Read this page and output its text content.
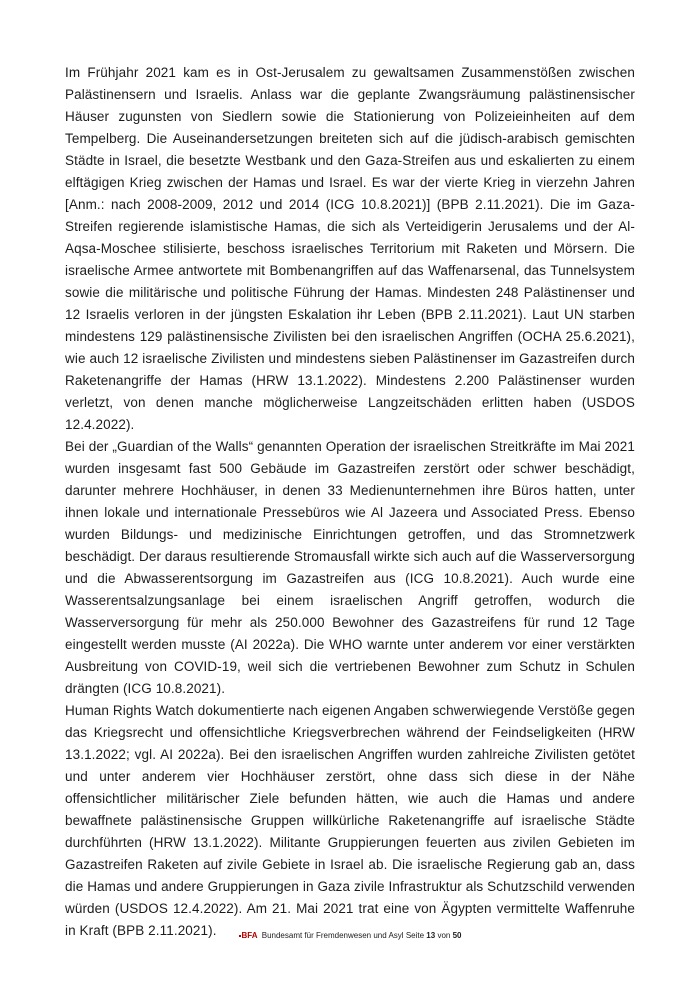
Im Frühjahr 2021 kam es in Ost-Jerusalem zu gewaltsamen Zusammenstößen zwischen Palästinensern und Israelis. Anlass war die geplante Zwangsräumung palästinensischer Häuser zugunsten von Siedlern sowie die Stationierung von Polizeieinheiten auf dem Tempelberg. Die Auseinandersetzungen breiteten sich auf die jüdisch-arabisch gemischten Städte in Israel, die besetzte Westbank und den Gaza-Streifen aus und eskalierten zu einem elftägigen Krieg zwischen der Hamas und Israel. Es war der vierte Krieg in vierzehn Jahren [Anm.: nach 2008-2009, 2012 und 2014 (ICG 10.8.2021)] (BPB 2.11.2021). Die im Gaza-Streifen regierende islamistische Hamas, die sich als Verteidigerin Jerusalems und der Al-Aqsa-Moschee stilisierte, beschoss israelisches Territorium mit Raketen und Mörsern. Die israelische Armee antwortete mit Bombenangriffen auf das Waffenarsenal, das Tunnelsystem sowie die militärische und politische Führung der Hamas. Mindesten 248 Palästinenser und 12 Israelis verloren in der jüngsten Eskalation ihr Leben (BPB 2.11.2021). Laut UN starben mindestens 129 palästinensische Zivilisten bei den israelischen Angriffen (OCHA 25.6.2021), wie auch 12 israelische Zivilisten und mindestens sieben Palästinenser im Gazastreifen durch Raketenangriffe der Hamas (HRW 13.1.2022). Mindestens 2.200 Palästinenser wurden verletzt, von denen manche möglicherweise Langzeitschäden erlitten haben (USDOS 12.4.2022).

Bei der „Guardian of the Walls“ genannten Operation der israelischen Streitkräfte im Mai 2021 wurden insgesamt fast 500 Gebäude im Gazastreifen zerstört oder schwer beschädigt, darunter mehrere Hochhäuser, in denen 33 Medienunternehmen ihre Büros hatten, unter ihnen lokale und internationale Pressebüros wie Al Jazeera und Associated Press. Ebenso wurden Bildungs- und medizinische Einrichtungen getroffen, und das Stromnetzwerk beschädigt. Der daraus resultierende Stromausfall wirkte sich auch auf die Wasserversorgung und die Abwasserentsorgung im Gazastreifen aus (ICG 10.8.2021). Auch wurde eine Wasserentsalzungsanlage bei einem israelischen Angriff getroffen, wodurch die Wasserversorgung für mehr als 250.000 Bewohner des Gazastreifens für rund 12 Tage eingestellt werden musste (AI 2022a). Die WHO warnte unter anderem vor einer verstärkten Ausbreitung von COVID-19, weil sich die vertriebenen Bewohner zum Schutz in Schulen drängten (ICG 10.8.2021).

Human Rights Watch dokumentierte nach eigenen Angaben schwerwiegende Verstöße gegen das Kriegsrecht und offensichtliche Kriegsverbrechen während der Feindseligkeiten (HRW 13.1.2022; vgl. AI 2022a). Bei den israelischen Angriffen wurden zahlreiche Zivilisten getötet und unter anderem vier Hochhäuser zerstört, ohne dass sich diese in der Nähe offensichtlicher militärischer Ziele befunden hätten, wie auch die Hamas und andere bewaffnete palästinensische Gruppen willkürliche Raketenangriffe auf israelische Städte durchführten (HRW 13.1.2022). Militante Gruppierungen feuerten aus zivilen Gebieten im Gazastreifen Raketen auf zivile Gebiete in Israel ab. Die israelische Regierung gab an, dass die Hamas und andere Gruppierungen in Gaza zivile Infrastruktur als Schutzschild verwenden würden (USDOS 12.4.2022). Am 21. Mai 2021 trat eine von Ägypten vermittelte Waffenruhe in Kraft (BPB 2.11.2021).	BFA Bundesamt für Fremdenwesen und Asyl Seite 13 von 50
